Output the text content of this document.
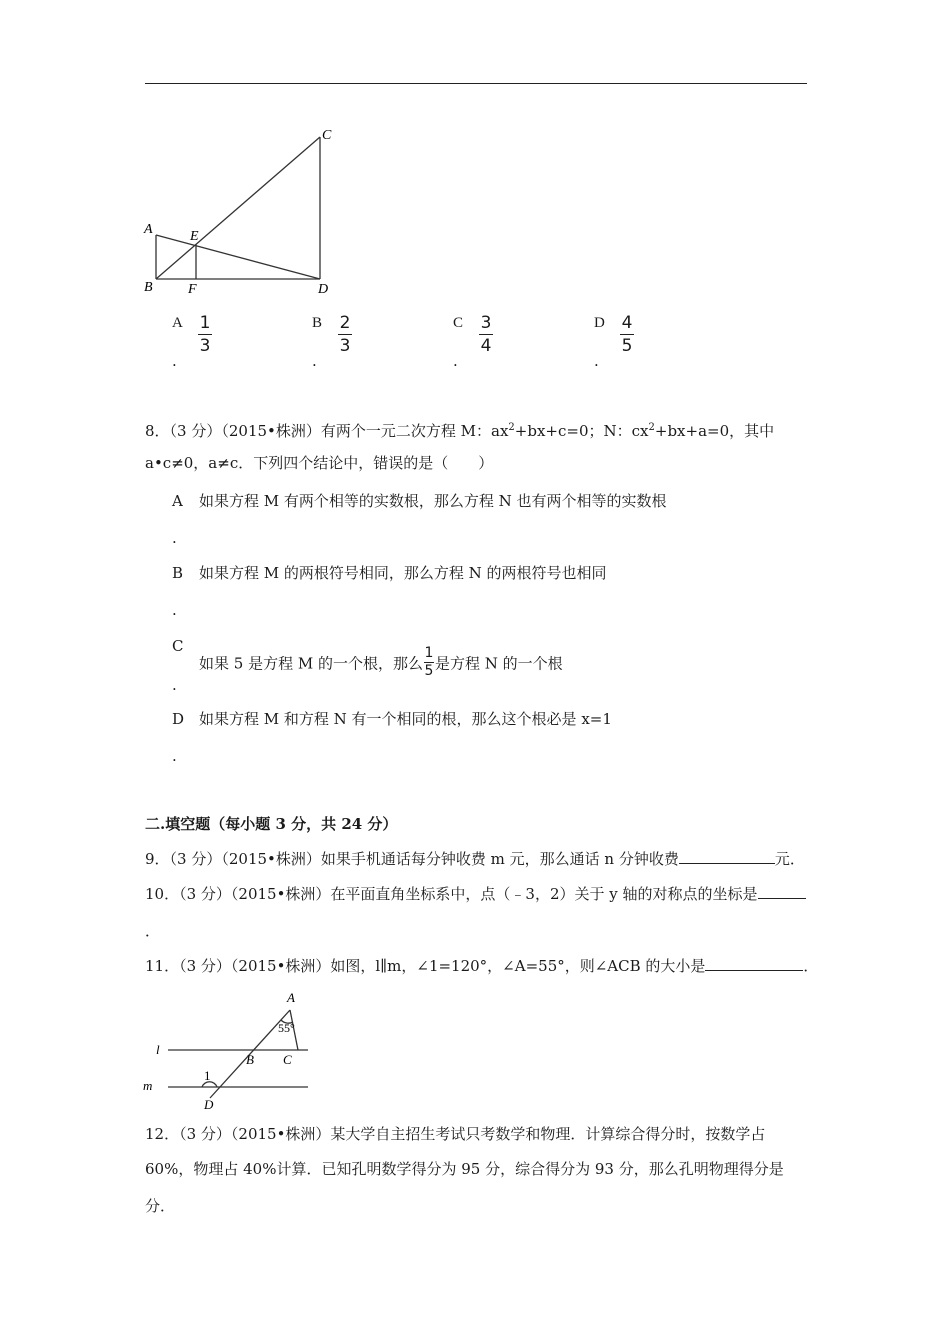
A
B
C
D
E
F
A 1
3
.
B 2
3
.
C 3
4
.
D 4
5
.
8．（3 分）（2015•株洲）有两个一元二次方程 M：$ax^2+bx+c=0$；N：$cx^2+bx+a=0$，其中
a•c≠0，a≠c．下列四个结论中，错误的是（　　）
A 如果方程 M 有两个相等的实数根，那么方程 N 也有两个相等的实数根
.
B 如果方程 M 的两根符号相同，那么方程 N 的两根符号也相同
.
C
如果 5 是方程 M 的一个根，那么 $\frac{1}{5}$ 是方程 N 的一个根
.
D 如果方程 M 和方程 N 有一个相同的根，那么这个根必是 x=1
.
二.填空题（每小题 3 分，共 24 分）
9．（3 分）（2015•株洲）如果手机通话每分钟收费 m 元，那么通话 n 分钟收费	元．
10．（3 分）（2015•株洲）在平面直角坐标系中，点（﹣3，2）关于 y 轴的对称点的坐标是
．
11．（3 分）（2015•株洲）如图，l∥m，∠1=120°，∠A=55°，则∠ACB 的大小是	．
A
B C
D
l
m
1
55°
12．（3 分）（2015•株洲）某大学自主招生考试只考数学和物理．计算综合得分时，按数学占
60%，物理占 40%计算．已知孔明数学得分为 95 分，综合得分为 93 分，那么孔明物理得分是
分．
